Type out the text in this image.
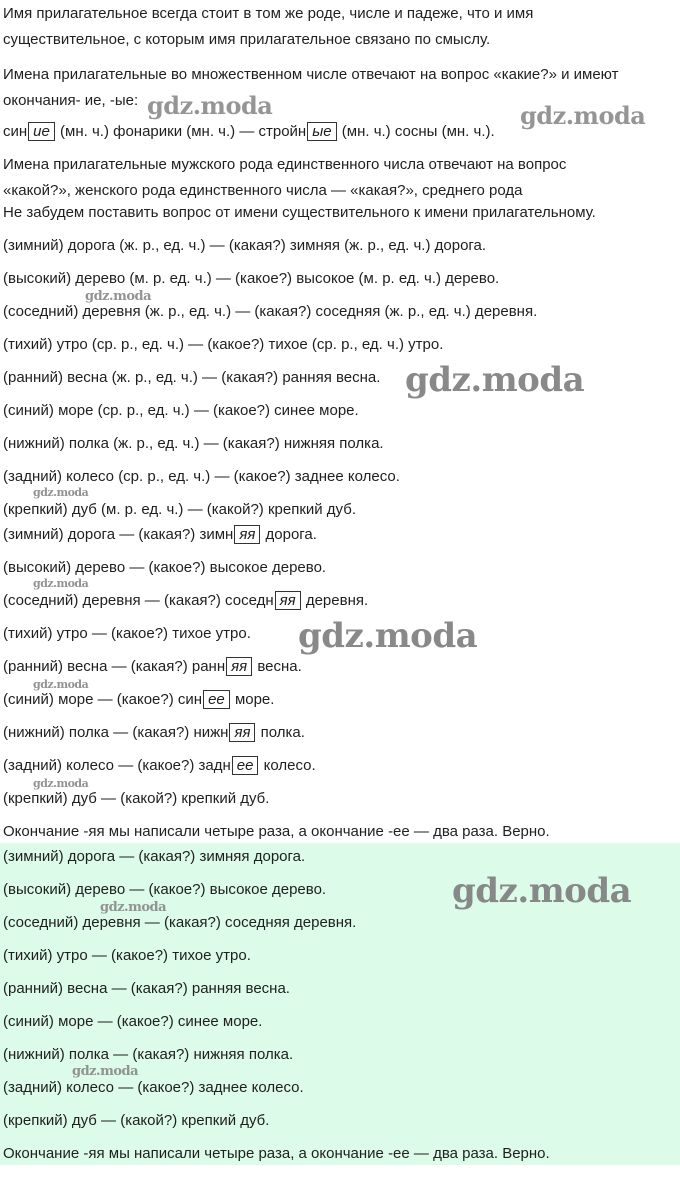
Имя прилагательное всегда стоит в том же роде, числе и падеже, что и имя
существительное, с которым имя прилагательное связано по смыслу.
Имена прилагательные во множественном числе отвечают на вопрос «какие?» и имеют
окончания- ие, -ые:
син ие (мн. ч.) фонарики (мн. ч.) — стройн ые (мн. ч.) сосны (мн. ч.).
Имена прилагательные мужского рода единственного числа отвечают на вопрос
«какой?», женского рода единственного числа — «какая?», среднего рода
Не забудем поставить вопрос от имени существительного к имени прилагательному.
(зимний) дорога (ж. р., ед. ч.) — (какая?) зимняя (ж. р., ед. ч.) дорога.
(высокий) дерево (м. р. ед. ч.) — (какое?) высокое (м. р. ед. ч.) дерево.
(соседний) деревня (ж. р., ед. ч.) — (какая?) соседняя (ж. р., ед. ч.) деревня.
(тихий) утро (ср. р., ед. ч.) — (какое?) тихое (ср. р., ед. ч.) утро.
(ранний) весна (ж. р., ед. ч.) — (какая?) ранняя весна.
(синий) море (ср. р., ед. ч.) — (какое?) синее море.
(нижний) полка (ж. р., ед. ч.) — (какая?) нижняя полка.
(задний) колесо (ср. р., ед. ч.) — (какое?) заднее колесо.
(крепкий) дуб (м. р. ед. ч.) — (какой?) крепкий дуб.
(зимний) дорога — (какая?) зимн яя дорога.
(высокий) дерево — (какое?) высокое дерево.
(соседний) деревня — (какая?) соседн яя деревня.
(тихий) утро — (какое?) тихое утро.
(ранний) весна — (какая?) ранн яя весна.
(синий) море — (какое?) син ее море.
(нижний) полка — (какая?) нижн яя полка.
(задний) колесо — (какое?) задн ее колесо.
(крепкий) дуб — (какой?) крепкий дуб.
Окончание -яя мы написали четыре раза, а окончание -ее — два раза. Верно.
(зимний) дорога — (какая?) зимняя дорога.
(высокий) дерево — (какое?) высокое дерево.
(соседний) деревня — (какая?) соседняя деревня.
(тихий) утро — (какое?) тихое утро.
(ранний) весна — (какая?) ранняя весна.
(синий) море — (какое?) синее море.
(нижний) полка — (какая?) нижняя полка.
(задний) колесо — (какое?) заднее колесо.
(крепкий) дуб — (какой?) крепкий дуб.
Окончание -яя мы написали четыре раза, а окончание -ее — два раза. Верно.
gdz.moda	gdz.moda
gdz.moda
gdz.moda
gdz.moda
gdz.moda
gdz.moda
gdz.moda
gdz.moda
gdz.moda
gdz.moda
gdz.moda
